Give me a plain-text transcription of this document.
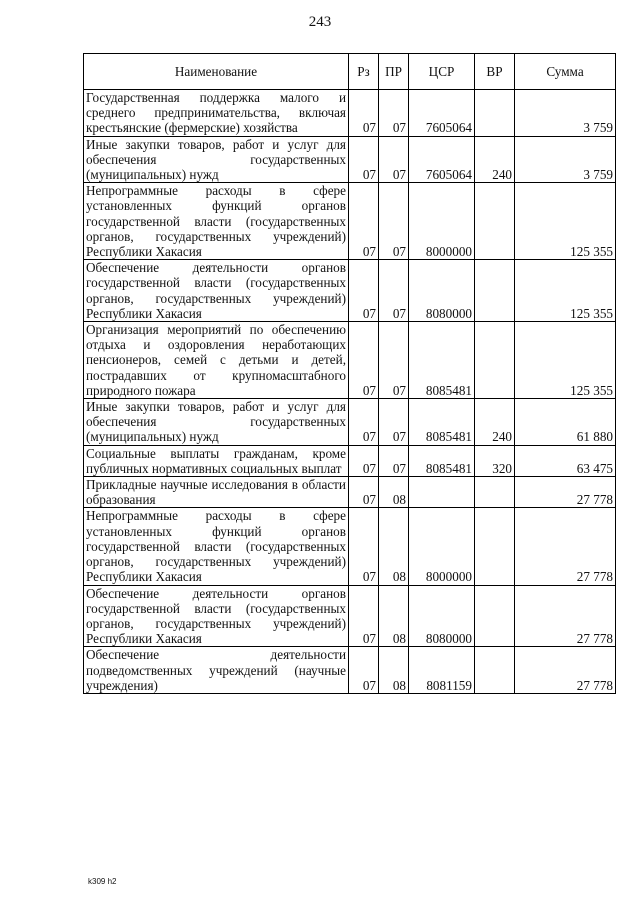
243
Наименование	Рз	ПР	ЦСР	ВР	Сумма
Государственная поддержка малого и среднего предпринимательства, включая крестьянские (фермерские) хозяйства	07	07	7605064		3 759
Иные закупки товаров, работ и услуг для обеспечения государственных (муниципальных) нужд	07	07	7605064	240	3 759
Непрограммные расходы в сфере установленных функций органов государственной власти (государственных органов, государственных учреждений) Республики Хакасия	07	07	8000000		125 355
Обеспечение деятельности органов государственной власти (государственных органов, государственных учреждений) Республики Хакасия	07	07	8080000		125 355
Организация мероприятий по обеспечению отдыха и оздоровления неработающих пенсионеров, семей с детьми и детей, пострадавших от крупномасштабного природного пожара	07	07	8085481		125 355
Иные закупки товаров, работ и услуг для обеспечения государственных (муниципальных) нужд	07	07	8085481	240	61 880
Социальные выплаты гражданам, кроме публичных нормативных социальных выплат	07	07	8085481	320	63 475
Прикладные научные исследования в области образования	07	08			27 778
Непрограммные расходы в сфере установленных функций органов государственной власти (государственных органов, государственных учреждений) Республики Хакасия	07	08	8000000		27 778
Обеспечение деятельности органов государственной власти (государственных органов, государственных учреждений) Республики Хакасия	07	08	8080000		27 778
Обеспечение деятельности подведомственных учреждений (научные учреждения)	07	08	8081159		27 778
k309 h2
